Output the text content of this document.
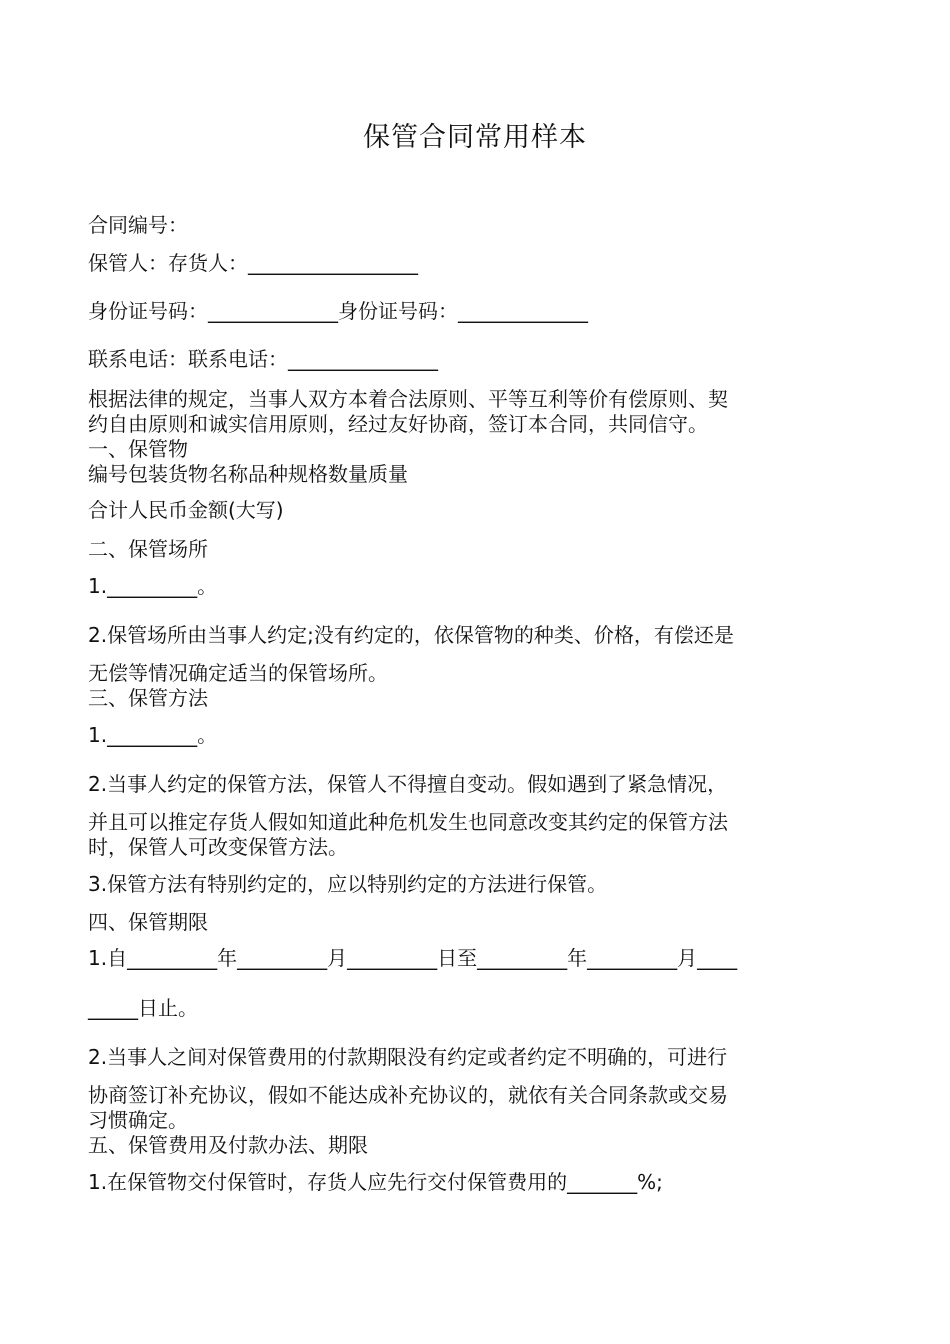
保管合同常用样本
合同编号：
保管人：存货人：_________________
身份证号码：_____________身份证号码：_____________
联系电话：联系电话：_______________
根据法律的规定，当事人双方本着合法原则、平等互利等价有偿原则、契
约自由原则和诚实信用原则，经过友好协商，签订本合同，共同信守。
一、保管物
编号包装货物名称品种规格数量质量
合计人民币金额(大写)
二、保管场所
1._________。
2.保管场所由当事人约定;没有约定的，依保管物的种类、价格，有偿还是
无偿等情况确定适当的保管场所。
三、保管方法
1._________。
2.当事人约定的保管方法，保管人不得擅自变动。假如遇到了紧急情况，
并且可以推定存货人假如知道此种危机发生也同意改变其约定的保管方法
时，保管人可改变保管方法。
3.保管方法有特别约定的，应以特别约定的方法进行保管。
四、保管期限
1.自_________年_________月_________日至_________年_________月____
_____日止。
2.当事人之间对保管费用的付款期限没有约定或者约定不明确的，可进行
协商签订补充协议，假如不能达成补充协议的，就依有关合同条款或交易
习惯确定。
五、保管费用及付款办法、期限
1.在保管物交付保管时，存货人应先行交付保管费用的_______%;
